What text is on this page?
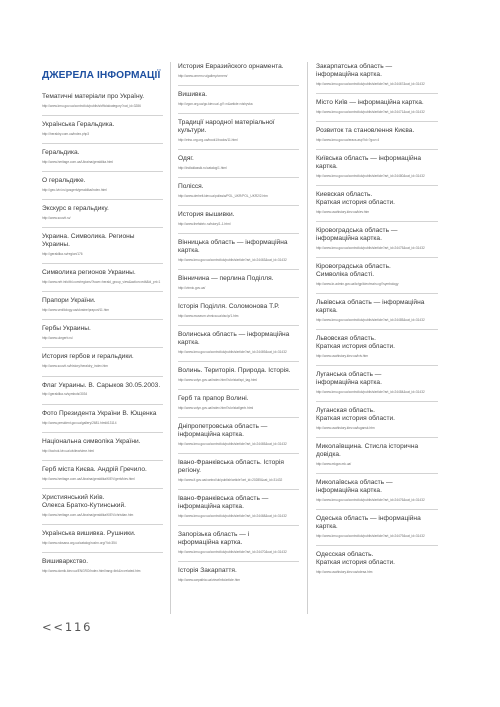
ДЖЕРЕЛА ІНФОРМАЦІЇ
Тематичні матеріали про Україну.
http://www.kmu.gov.ua/control/uk/publish/officialcategory?cat_id=3286
Українська Геральдика.
http://heraldry.com.ua/index.php3
Геральдика.
http://www.heritage.com.ua/Ukraina/geraldika.html
О геральдике.
http://geo.lvivi.ru/gosgerb/geraldika/index.html
Экскурс в геральдику.
http://www.souvit.ru/
Украина. Символика. Регионы Украины.
http://geraldika.ru/region/176
Символика регионов Украины.
http://www.nrfr.info/tbl.com/regions/?town=herald_group_view&action=edit&id_prt=1
Прапори України.
http://www.vexillology.ua/ukraine/prapori/11.htm
Гербы Украины.
http://www.ukrgerb.ru/
История гербов и геральдики.
http://www.souvit.ru/history/heraldry_index.htm
Флаг Украины. В. Сарыков 30.05.2003.
http://geraldika.ru/symbols/3034
Фото Президента України В. Ющенка
http://www.president.gov.ua/gallery/2681.html#13114
Національна символіка України.
http://tochok.lviv.ua/ulvilew/sime.html
Герб міста Києва. Андрій Гречило.
http://www.heritage.com.ua/Ukraina/geraldika/KIEV/gerb/kiev.html
Християнський Київ.
Олекса Братко-Кутинський.
http://www.heritage.com.ua/Ukraina/geraldika/KIEV/christian.htm
Українська вишивка. Рушники.
http://www.roksana.org.ua/catalog/rushn.org/?id=354
Вишиваркство.
http://www.domik.kiev.ua/ENGRO/index.html/rang=link&n=related.htm
История Евразийского орнамента.
http://www.ornem.ru/gallery/ornem/
Вишивка.
http://vgon.org.ua/go.kiev.ua/-gi?=n&article=vishyvka
Традиції народної матеріальної культури.
http://etno.org.org.ua/book1/books/11.html
Одяг.
http://indiaklassik.ru/catalog/1.html
Полісся.
http://www.derhelt.kiev.ua/polissia/POL_UKR/POL_UKR2/2.htm
История вышивки.
http://www.thefabric.ru/istory/1-1.html
Вінницька область — інформаційна картка.
http://www.kmu.gov.ua/control/uk/publish/article?art_id=24463&cat_id=31432
Вінничина — перлина Поділля.
http://vinnic.gov.ua/
Історія Поділля. Соломонова Т.Р.
http://www.museum.vinnica.ua/dsc/p/1.htm
Волинська область — інформаційна картка.
http://www.kmu.gov.ua/control/uk/publish/article?art_id=24469&cat_id=31432
Волинь. Територія. Природа. Історія.
http://www.volyn.gov.ua/index.html?ukr/stat/spi_tag.html
Герб та прапор Волині.
http://www.volyn.gov.ua/index.html?ukr/stat/gerb.html
Дніпропетровська область —
інформаційна картка.
http://www.kmu.gov.ua/control/uk/publish/article?art_id=24465&cat_id=31432
Івано-Франківська область. Історія регіону.
http://www.if.gov.ua/control/uk/publish/article?art_id=20285&cat_id=31432
Івано-Франківська область —
інформаційна картка.
http://www.kmu.gov.ua/control/uk/publish/article?art_id=24468&cat_id=31432
Запорізька область — і
нформаційна картка.
http://www.kmu.gov.ua/control/uk/publish/article?art_id=24470&cat_id=31432
Історія Закарпаття.
http://www.carpathia.ua/view/info/article.htm
Закарпатська область —
інформаційна картка.
http://www.kmu.gov.ua/control/uk/publish/article?art_id=24467&cat_id=31432
Місто Київ — інформаційна картка.
http://www.kmu.gov.ua/control/uk/publish/article?art_id=24471&cat_id=31432
Розвиток та становлення Києва.
http://www.kmu.gov.ua/eracs.asp?id=?gov=4
Київська область — інформаційна картка.
http://www.kmu.gov.ua/control/uk/publish/article?art_id=24480&cat_id=31432
Киевская область.
Краткая история области.
http://www.usahistory.kiev.ua/kiev.htm
Кіровоградська область —
інформаційна картка.
http://www.kmu.gov.ua/control/uk/publish/article?art_id=24475&cat_id=31432
Кіровоградська область.
Символіка області.
http://www.kr-admin.gov.ua/kr/gp/kiev/main.cgi?symbology
Львівська область — інформаційна картка.
http://www.kmu.gov.ua/control/uk/publish/article?art_id=24485&cat_id=31432
Львовская область.
Краткая история области.
http://www.usahistory.kiev.ua/lviv.htm
Луганська область —
інформаційна картка.
http://www.kmu.gov.ua/control/uk/publish/article?art_id=24484&cat_id=31432
Луганская область.
Краткая история области.
http://www.usahistory.kiev.ua/lugansk.htm
Миколаївщина. Стисла історична довідка.
http://www.mkgov.mk.ua/
Миколаївська область —
інформаційна картка.
http://www.kmu.gov.ua/control/uk/publish/article?art_id=24476&cat_id=31432
Одеська область — інформаційна картка.
http://www.kmu.gov.ua/control/uk/publish/article?art_id=24479&cat_id=31432
Одесская область.
Краткая история области.
http://www.usahistory.kiev.ua/odesa.htm
<<116
